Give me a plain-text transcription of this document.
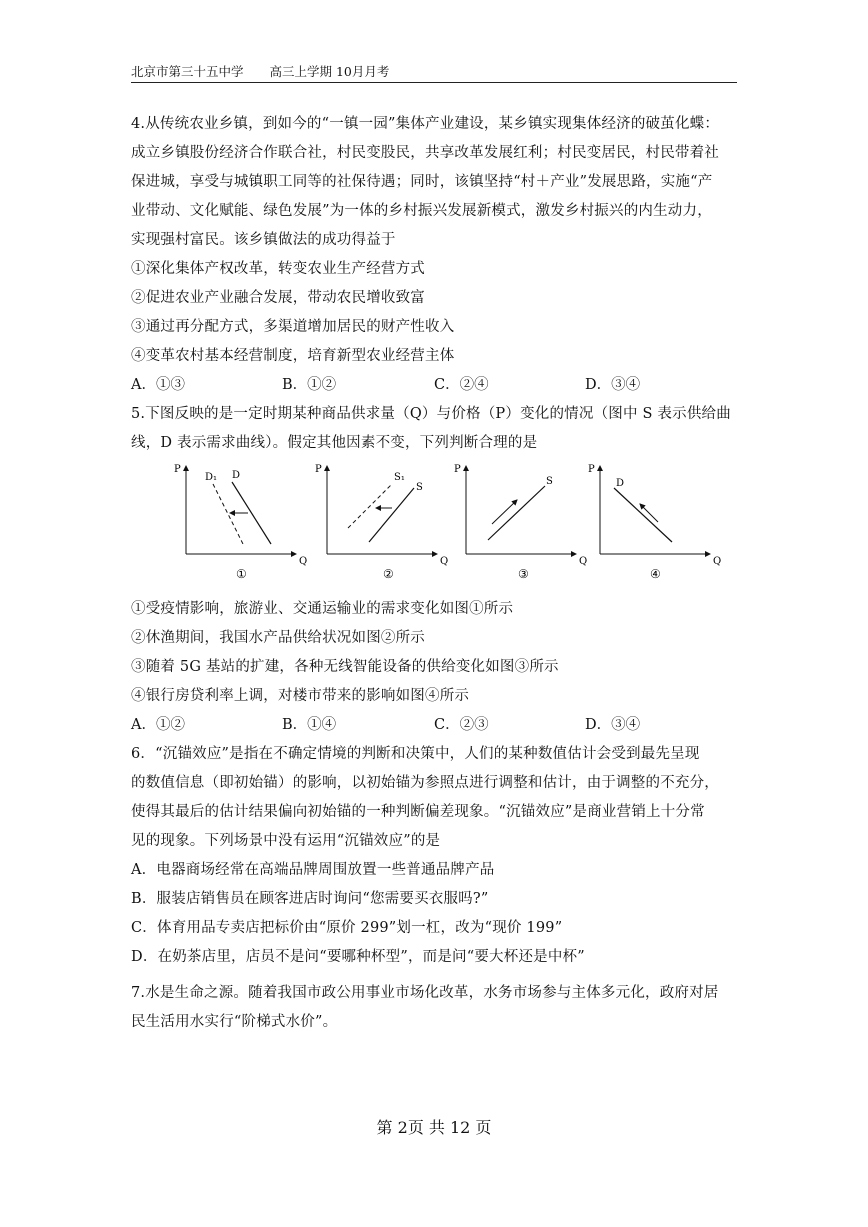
北京市第三十五中学 高三上学期 10月月考
4.从传统农业乡镇，到如今的“一镇一园”集体产业建设，某乡镇实现集体经济的破茧化蝶：
成立乡镇股份经济合作联合社，村民变股民，共享改革发展红利；村民变居民，村民带着社
保进城，享受与城镇职工同等的社保待遇；同时，该镇坚持“村＋产业”发展思路，实施“产
业带动、文化赋能、绿色发展”为一体的乡村振兴发展新模式，激发乡村振兴的内生动力，
实现强村富民。该乡镇做法的成功得益于
①深化集体产权改革，转变农业生产经营方式
②促进农业产业融合发展，带动农民增收致富
③通过再分配方式，多渠道增加居民的财产性收入
④变革农村基本经营制度，培育新型农业经营主体
A．①③	B．①②	C．②④	D．③④
5.下图反映的是一定时期某种商品供求量（Q）与价格（P）变化的情况（图中 S 表示供给曲
线，D 表示需求曲线）。假定其他因素不变，下列判断合理的是
P
Q
D₁ D
①
P
Q
S₁
S
②
P
Q
S
③
P
Q
D
④
①受疫情影响，旅游业、交通运输业的需求变化如图①所示
②休渔期间，我国水产品供给状况如图②所示
③随着 5G 基站的扩建，各种无线智能设备的供给变化如图③所示
④银行房贷利率上调，对楼市带来的影响如图④所示
A．①②	B．①④	C．②③	D．③④
6．“沉锚效应”是指在不确定情境的判断和决策中，人们的某种数值估计会受到最先呈现
的数值信息（即初始锚）的影响，以初始锚为参照点进行调整和估计，由于调整的不充分，
使得其最后的估计结果偏向初始锚的一种判断偏差现象。“沉锚效应”是商业营销上十分常
见的现象。下列场景中没有运用“沉锚效应”的是
A．电器商场经常在高端品牌周围放置一些普通品牌产品
B．服装店销售员在顾客进店时询问“您需要买衣服吗?”
C．体育用品专卖店把标价由“原价 299”划一杠，改为“现价 199”
D．在奶茶店里，店员不是问“要哪种杯型”，而是问“要大杯还是中杯”
7.水是生命之源。随着我国市政公用事业市场化改革，水务市场参与主体多元化，政府对居
民生活用水实行“阶梯式水价”。
第 2页 共 12 页
